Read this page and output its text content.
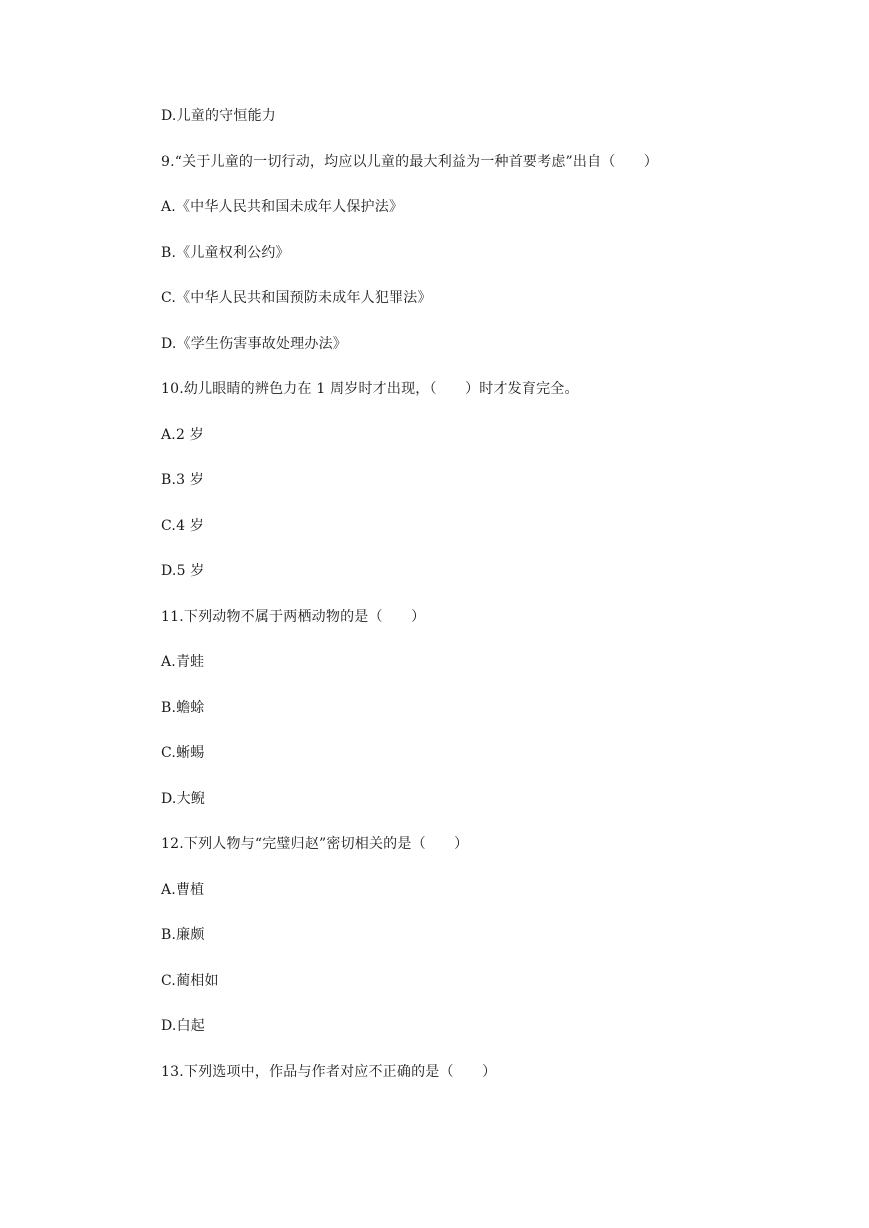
D.儿童的守恒能力
9.“关于儿童的一切行动，均应以儿童的最大利益为一种首要考虑”出自（　　）
A.《中华人民共和国未成年人保护法》
B.《儿童权利公约》
C.《中华人民共和国预防未成年人犯罪法》
D.《学生伤害事故处理办法》
10.幼儿眼睛的辨色力在 1 周岁时才出现，（　　）时才发育完全。
A.2 岁
B.3 岁
C.4 岁
D.5 岁
11.下列动物不属于两栖动物的是（　　）
A.青蛙
B.蟾蜍
C.蜥蜴
D.大鲵
12.下列人物与“完璧归赵”密切相关的是（　　）
A.曹植
B.廉颇
C.蔺相如
D.白起
13.下列选项中，作品与作者对应不正确的是（　　）
